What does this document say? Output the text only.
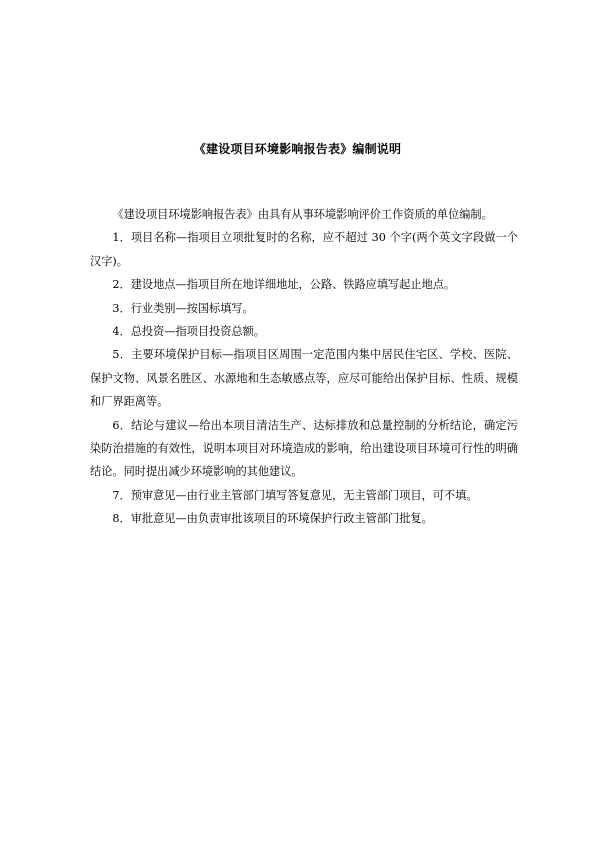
《建设项目环境影响报告表》编制说明

《建设项目环境影响报告表》由具有从事环境影响评价工作资质的单位编制。

1．项目名称—指项目立项批复时的名称，应不超过 30 个字(两个英文字段做一个汉字)。

2．建设地点—指项目所在地详细地址，公路、铁路应填写起止地点。

3．行业类别—按国标填写。

4．总投资—指项目投资总额。

5．主要环境保护目标—指项目区周围一定范围内集中居民住宅区、学校、医院、保护文物、风景名胜区、水源地和生态敏感点等，应尽可能给出保护目标、性质、规模和厂界距离等。

6．结论与建议—给出本项目清洁生产、达标排放和总量控制的分析结论，确定污染防治措施的有效性，说明本项目对环境造成的影响，给出建设项目环境可行性的明确结论。同时提出减少环境影响的其他建议。

7．预审意见—由行业主管部门填写答复意见，无主管部门项目，可不填。

8．审批意见—由负责审批该项目的环境保护行政主管部门批复。
